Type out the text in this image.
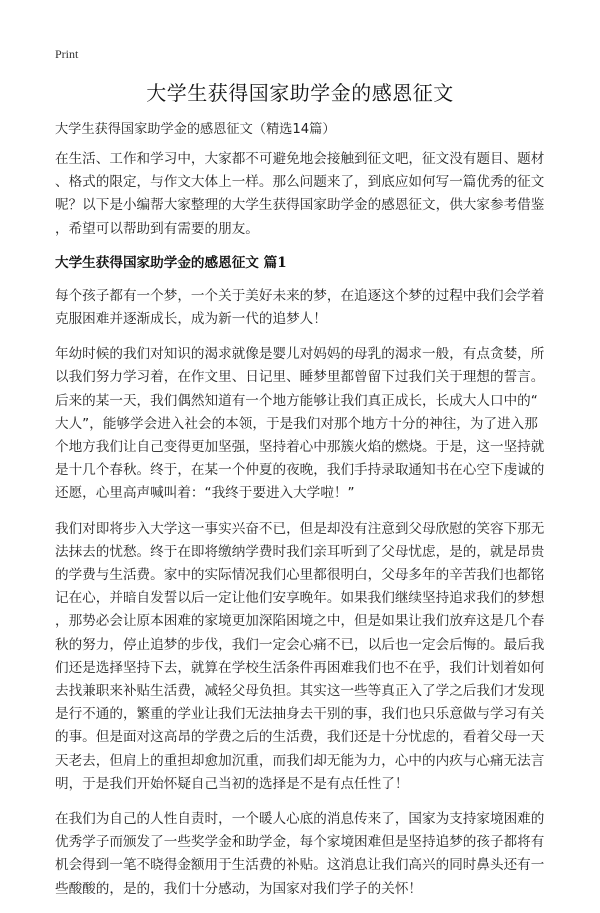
Print
大学生获得国家助学金的感恩征文
大学生获得国家助学金的感恩征文（精选14篇）

在生活、工作和学习中，大家都不可避免地会接触到征文吧，征文没有题目、题材
、格式的限定，与作文大体上一样。那么问题来了，到底应如何写一篇优秀的征文
呢？以下是小编帮大家整理的大学生获得国家助学金的感恩征文，供大家参考借鉴
，希望可以帮助到有需要的朋友。

大学生获得国家助学金的感恩征文 篇1

每个孩子都有一个梦，一个关于美好未来的梦，在追逐这个梦的过程中我们会学着
克服困难并逐渐成长，成为新一代的追梦人！

年幼时候的我们对知识的渴求就像是婴儿对妈妈的母乳的渴求一般，有点贪婪，所
以我们努力学习着，在作文里、日记里、睡梦里都曾留下过我们关于理想的誓言。
后来的某一天，我们偶然知道有一个地方能够让我们真正成长，长成大人口中的“
大人”，能够学会进入社会的本领，于是我们对那个地方十分的神往，为了进入那
个地方我们让自己变得更加坚强，坚持着心中那簇火焰的燃烧。于是，这一坚持就
是十几个春秋。终于，在某一个仲夏的夜晚，我们手持录取通知书在心空下虔诚的
还愿，心里高声喊叫着：“我终于要进入大学啦！”

我们对即将步入大学这一事实兴奋不已，但是却没有注意到父母欣慰的笑容下那无
法抹去的忧愁。终于在即将缴纳学费时我们亲耳听到了父母忧虑，是的，就是昂贵
的学费与生活费。家中的实际情况我们心里都很明白，父母多年的辛苦我们也都铭
记在心，并暗自发誓以后一定让他们安享晚年。如果我们继续坚持追求我们的梦想
，那势必会让原本困难的家境更加深陷困境之中，但是如果让我们放弃这是几个春
秋的努力，停止追梦的步伐，我们一定会心痛不已，以后也一定会后悔的。最后我
们还是选择坚持下去，就算在学校生活条件再困难我们也不在乎，我们计划着如何
去找兼职来补贴生活费，减轻父母负担。其实这一些等真正入了学之后我们才发现
是行不通的，繁重的学业让我们无法抽身去干别的事，我们也只乐意做与学习有关
的事。但是面对这高昂的学费之后的生活费，我们还是十分忧虑的，看着父母一天
天老去，但肩上的重担却愈加沉重，而我们却无能为力，心中的内疚与心痛无法言
明，于是我们开始怀疑自己当初的选择是不是有点任性了！

在我们为自己的人性自责时，一个暖人心底的消息传来了，国家为支持家境困难的
优秀学子而颁发了一些奖学金和助学金，每个家境困难但是坚持追梦的孩子都将有
机会得到一笔不晓得金额用于生活费的补贴。这消息让我们高兴的同时鼻头还有一
些酸酸的，是的，我们十分感动，为国家对我们学子的关怀！
